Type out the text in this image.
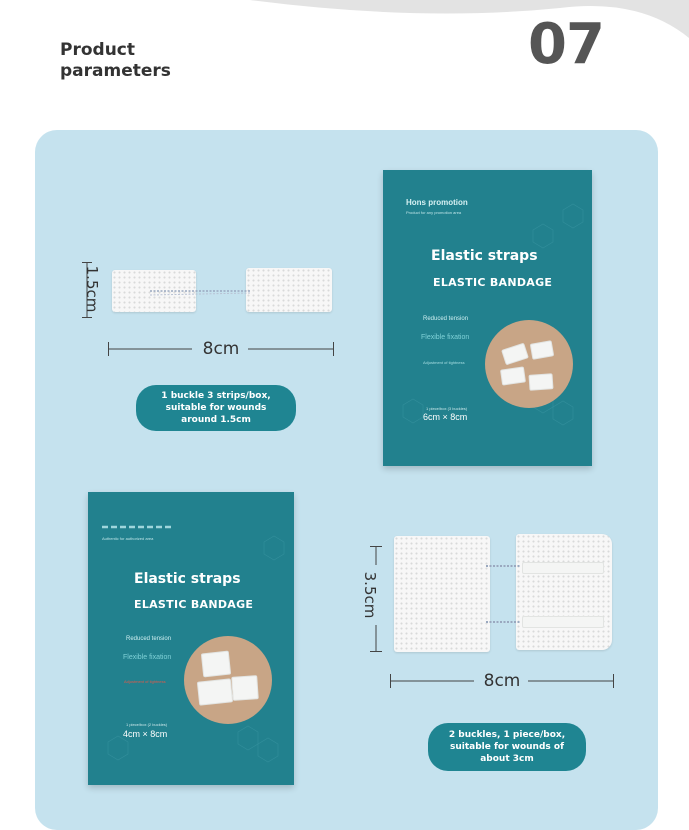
Product
parameters	07
1.5cm
8cm
1 buckle 3 strips/box, suitable for wounds around 1.5cm
Hons promotion
Product for any promotion area
Elastic straps
ELASTIC BANDAGE
Reduced tension
Flexible fixation
Adjustment of tightness
1 piece/box (3 buckles)
6cm × 8cm
Authentic for authorized area
Elastic straps
ELASTIC BANDAGE
Reduced tension
Flexible fixation
Adjustment of tightness
1 piece/box (2 buckles)
4cm × 8cm
3.5cm
8cm
2 buckles, 1 piece/box, suitable for wounds of about 3cm
